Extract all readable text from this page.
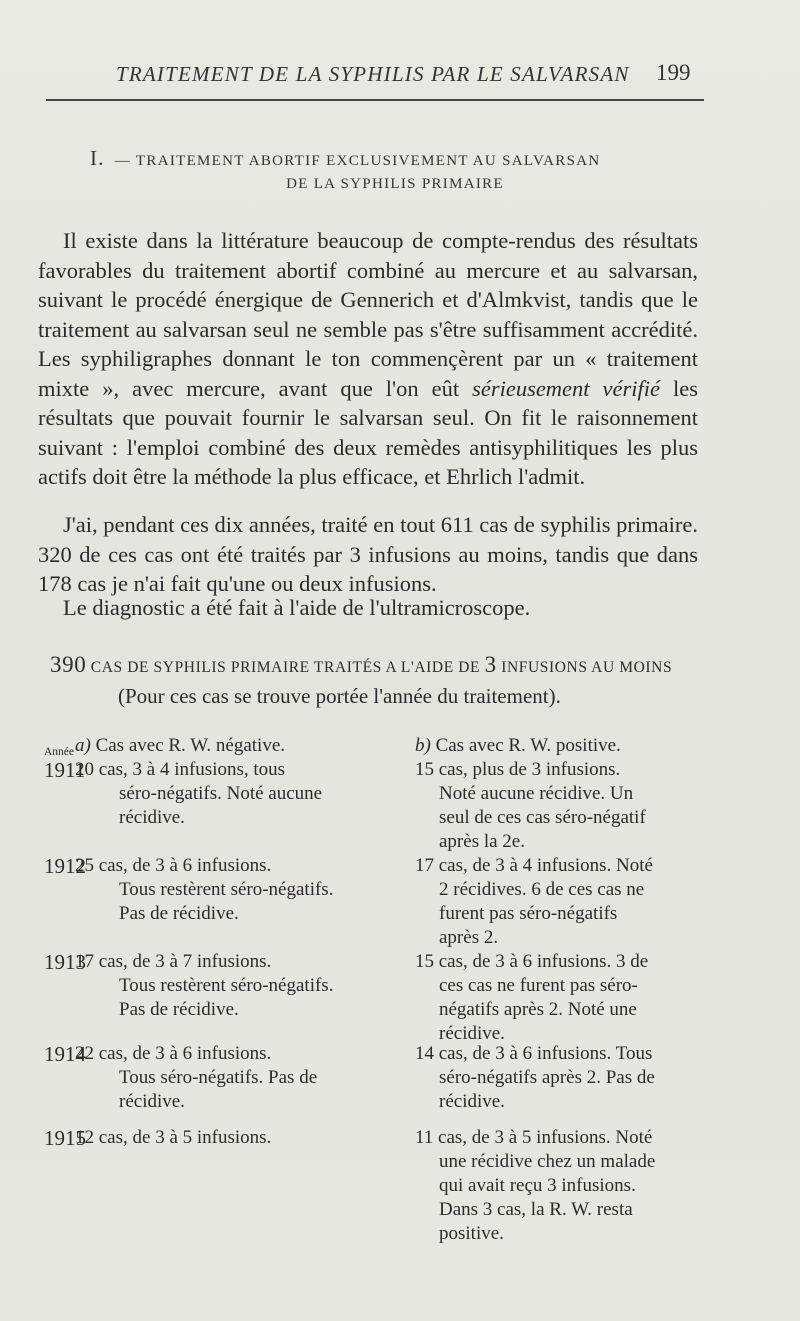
TRAITEMENT DE LA SYPHILIS PAR LE SALVARSAN 199
I. — TRAITEMENT ABORTIF EXCLUSIVEMENT AU SALVARSAN
DE LA SYPHILIS PRIMAIRE
Il existe dans la littérature beaucoup de compte-rendus des résultats favorables du traitement abortif combiné au mercure et au salvarsan, suivant le procédé énergique de Gennerich et d'Almkvist, tandis que le traitement au salvarsan seul ne semble pas s'être suffisamment accrédité. Les syphiligraphes donnant le ton commençèrent par un « traitement mixte », avec mercure, avant que l'on eût sérieusement vérifié les résultats que pouvait fournir le salvarsan seul. On fit le raisonnement suivant : l'emploi combiné des deux remèdes antisyphilitiques les plus actifs doit être la méthode la plus efficace, et Ehrlich l'admit.
J'ai, pendant ces dix années, traité en tout 611 cas de syphilis primaire. 320 de ces cas ont été traités par 3 infusions au moins, tandis que dans 178 cas je n'ai fait qu'une ou deux infusions.
Le diagnostic a été fait à l'aide de l'ultramicroscope.
390 CAS DE SYPHILIS PRIMAIRE TRAITÉS A L'AIDE DE 3 INFUSIONS AU MOINS
(Pour ces cas se trouve portée l'année du traitement).
Année a) Cas avec R. W. négative.	b) Cas avec R. W. positive.
1911
20 cas, 3 à 4 infusions, tous
séro-négatifs. Noté aucune
récidive.
15 cas, plus de 3 infusions.
Noté aucune récidive. Un
seul de ces cas séro-négatif
après la 2e.
1912
25 cas, de 3 à 6 infusions.
Tous restèrent séro-négatifs.
Pas de récidive.
17 cas, de 3 à 4 infusions. Noté
2 récidives. 6 de ces cas ne
furent pas séro-négatifs
après 2.
1913
17 cas, de 3 à 7 infusions.
Tous restèrent séro-négatifs.
Pas de récidive.
15 cas, de 3 à 6 infusions. 3 de
ces cas ne furent pas séro-
négatifs après 2. Noté une
récidive.
1914
22 cas, de 3 à 6 infusions.
Tous séro-négatifs. Pas de
récidive.
14 cas, de 3 à 6 infusions. Tous
séro-négatifs après 2. Pas de
récidive.
1915
12 cas, de 3 à 5 infusions.	11 cas, de 3 à 5 infusions. Noté
une récidive chez un malade
qui avait reçu 3 infusions.
Dans 3 cas, la R. W. resta
positive.
